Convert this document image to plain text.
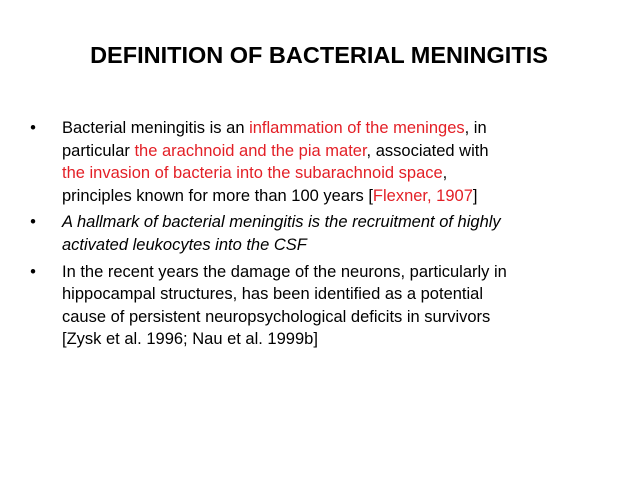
DEFINITION OF BACTERIAL MENINGITIS
• Bacterial meningitis is an inflammation of the meninges, in
particular the arachnoid and the pia mater, associated with
the invasion of bacteria into the subarachnoid space,
principles known for more than 100 years [Flexner, 1907]
• A hallmark of bacterial meningitis is the recruitment of highly
activated leukocytes into the CSF
• In the recent years the damage of the neurons, particularly in
hippocampal structures, has been identified as a potential
cause of persistent neuropsychological deficits in survivors
[Zysk et al. 1996; Nau et al. 1999b]
